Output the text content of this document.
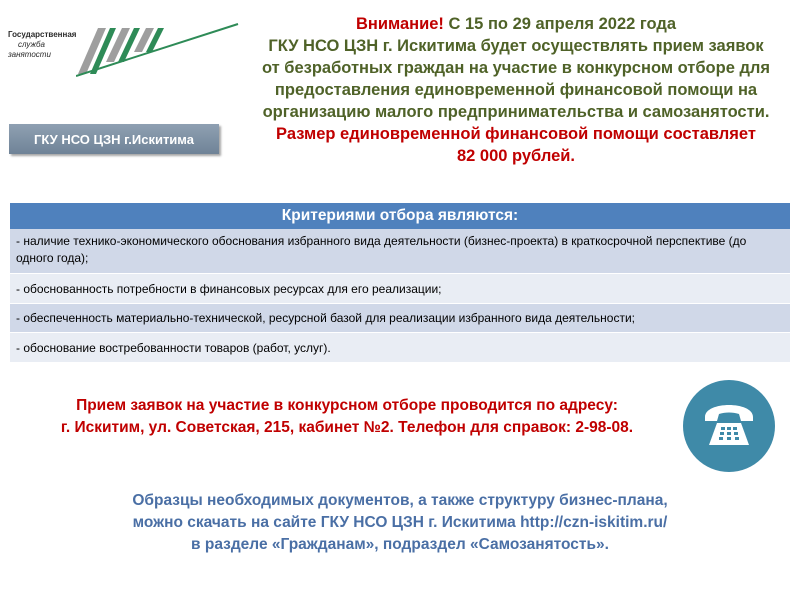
Государственная
служба
занятости
ГКУ НСО ЦЗН г.Искитима
Внимание! С 15 по 29 апреля 2022 года
ГКУ НСО ЦЗН г. Искитима будет осуществлять прием заявок
от безработных граждан на участие в конкурсном отборе для
предоставления единовременной финансовой помощи на
организацию малого предпринимательства и самозанятости.
Размер единовременной финансовой помощи составляет
82 000 рублей.
Критериями отбора являются:
- наличие технико-экономического обоснования избранного вида деятельности (бизнес-проекта) в краткосрочной перспективе (до одного года);
- обоснованность потребности в финансовых ресурсах для его реализации;
- обеспеченность материально-технической, ресурсной базой для реализации избранного вида деятельности;
- обоснование востребованности товаров (работ, услуг).
Прием заявок на участие в конкурсном отборе проводится по адресу:
г. Искитим, ул. Советская, 215, кабинет №2. Телефон для справок: 2-98-08.
Образцы необходимых документов, а также структуру бизнес-плана,
можно скачать на сайте ГКУ НСО ЦЗН г. Искитима http://czn-iskitim.ru/
в разделе «Гражданам», подраздел «Самозанятость».
